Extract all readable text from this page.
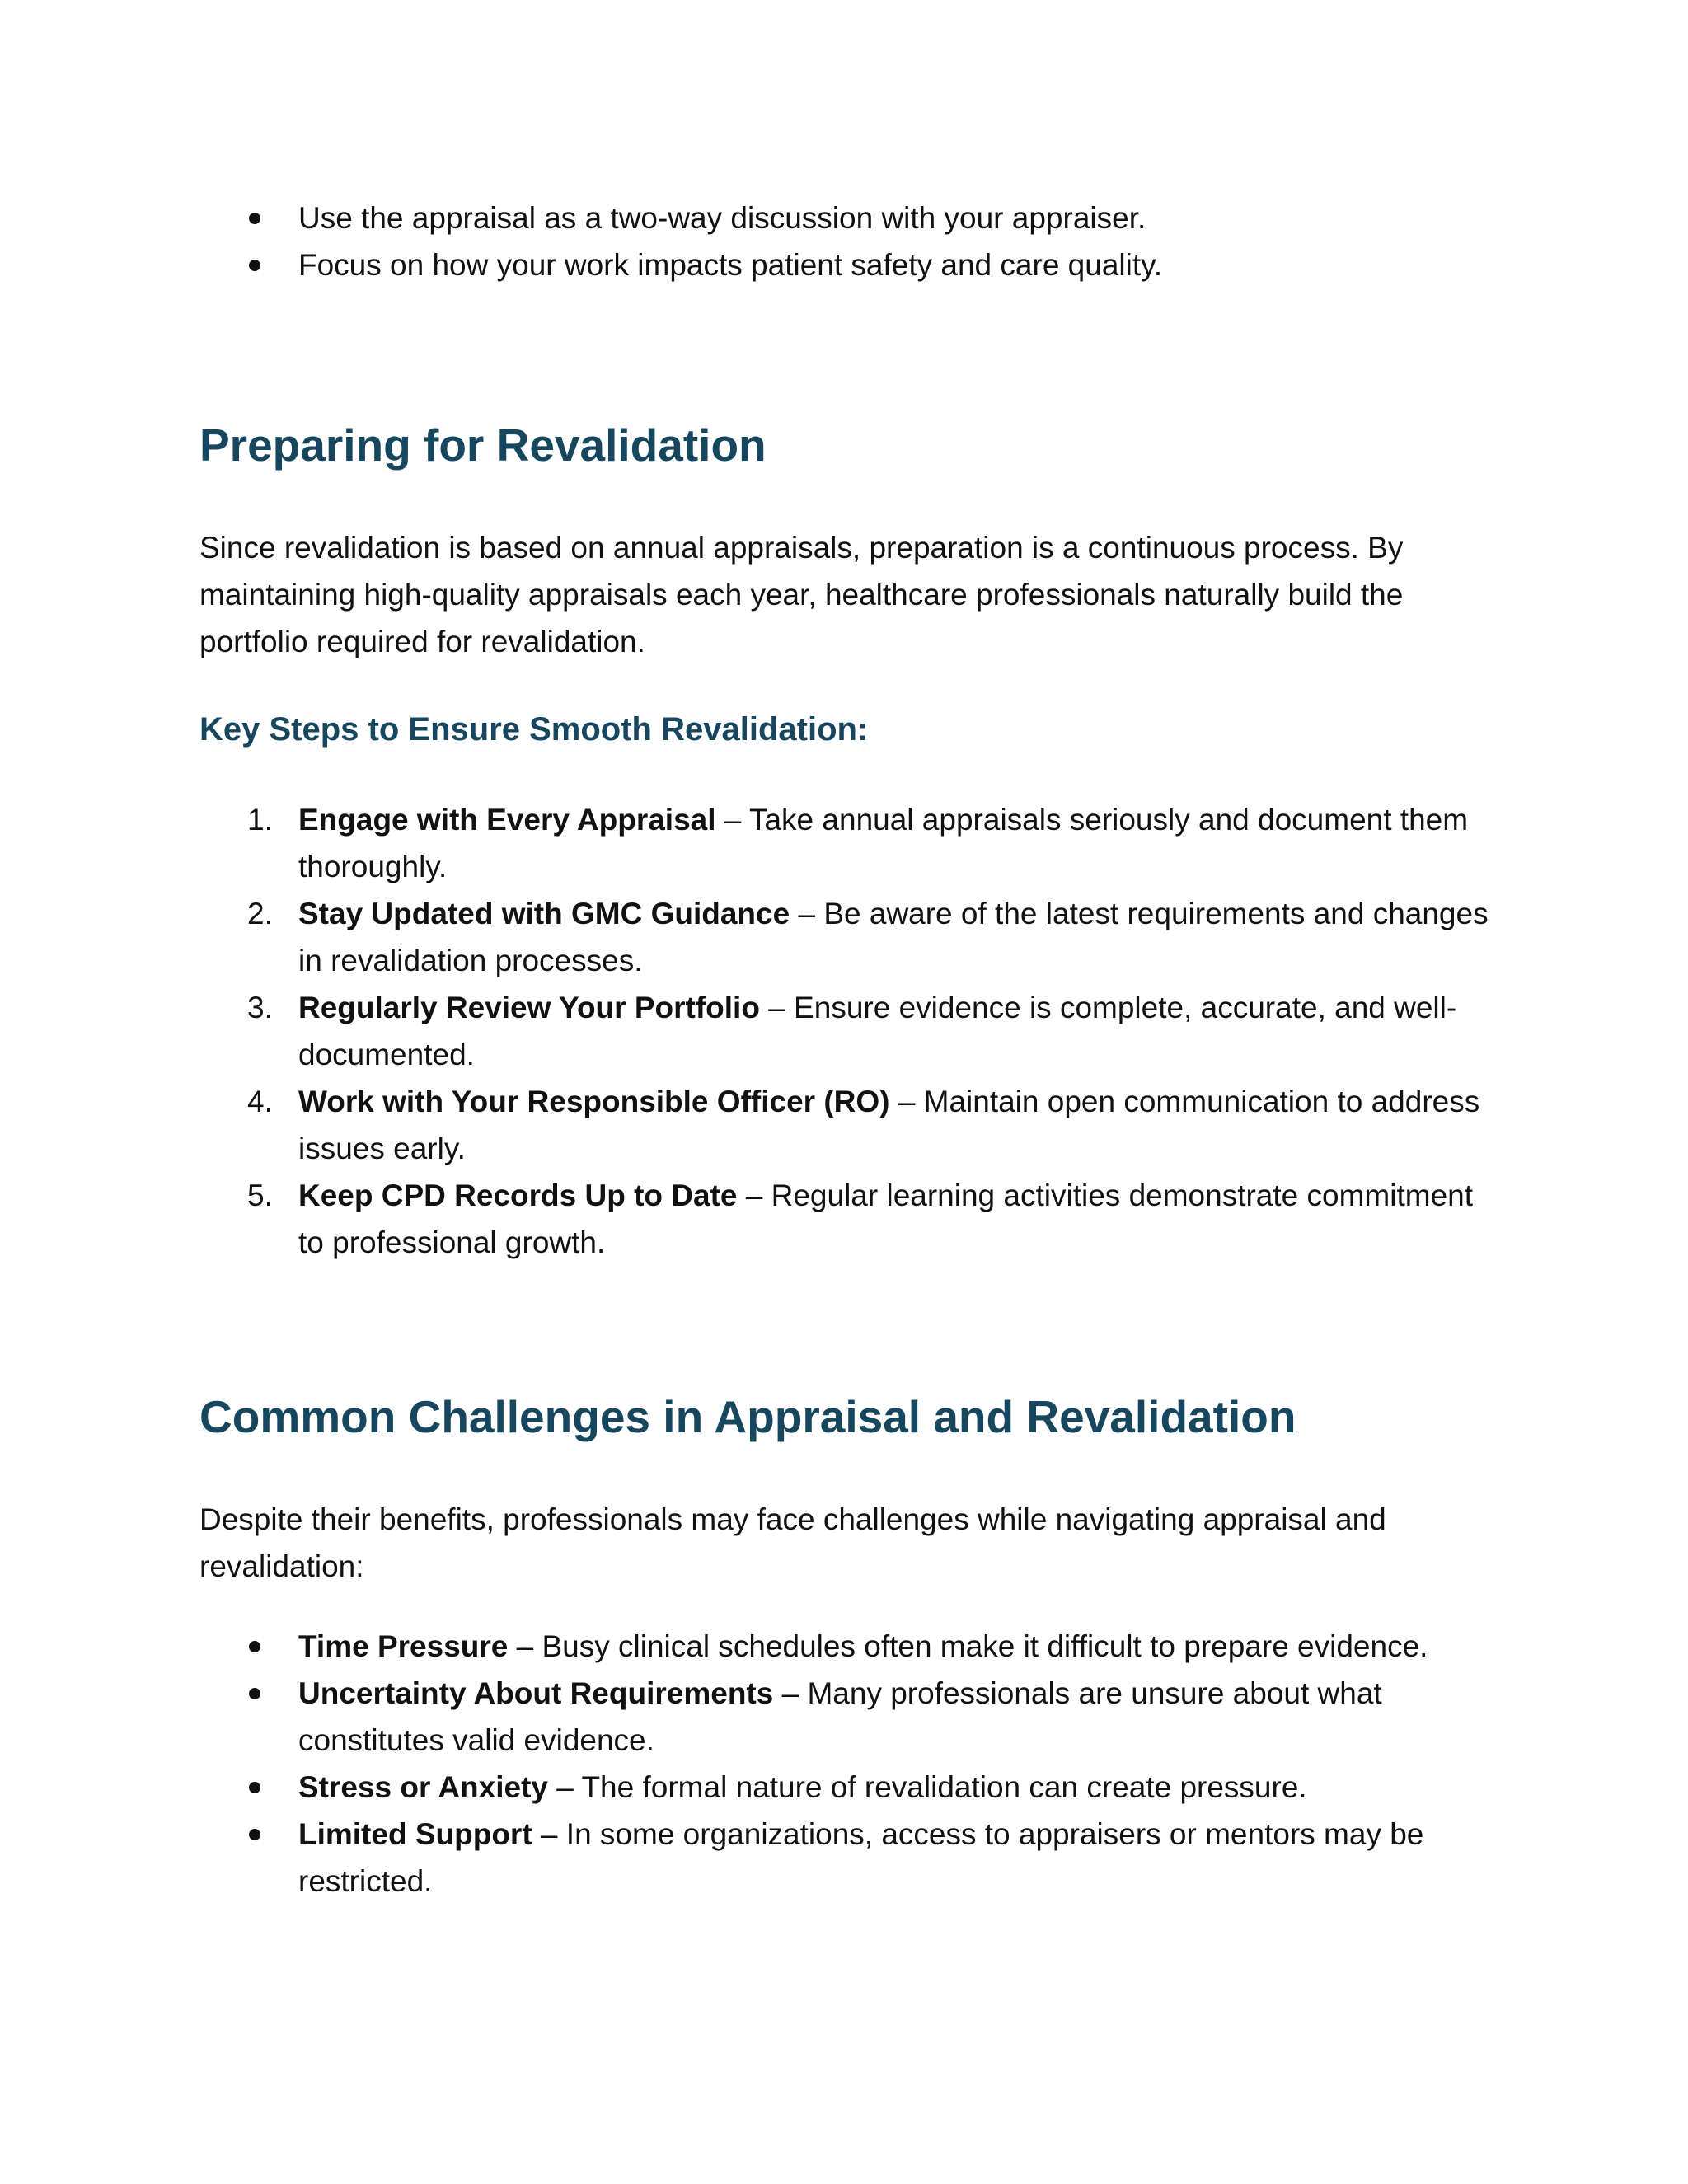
Use the appraisal as a two-way discussion with your appraiser.
Focus on how your work impacts patient safety and care quality.
Preparing for Revalidation
Since revalidation is based on annual appraisals, preparation is a continuous process. By maintaining high-quality appraisals each year, healthcare professionals naturally build the portfolio required for revalidation.
Key Steps to Ensure Smooth Revalidation:
1. Engage with Every Appraisal – Take annual appraisals seriously and document them thoroughly.
2. Stay Updated with GMC Guidance – Be aware of the latest requirements and changes in revalidation processes.
3. Regularly Review Your Portfolio – Ensure evidence is complete, accurate, and well-documented.
4. Work with Your Responsible Officer (RO) – Maintain open communication to address issues early.
5. Keep CPD Records Up to Date – Regular learning activities demonstrate commitment to professional growth.
Common Challenges in Appraisal and Revalidation
Despite their benefits, professionals may face challenges while navigating appraisal and revalidation:
Time Pressure – Busy clinical schedules often make it difficult to prepare evidence.
Uncertainty About Requirements – Many professionals are unsure about what constitutes valid evidence.
Stress or Anxiety – The formal nature of revalidation can create pressure.
Limited Support – In some organizations, access to appraisers or mentors may be restricted.
